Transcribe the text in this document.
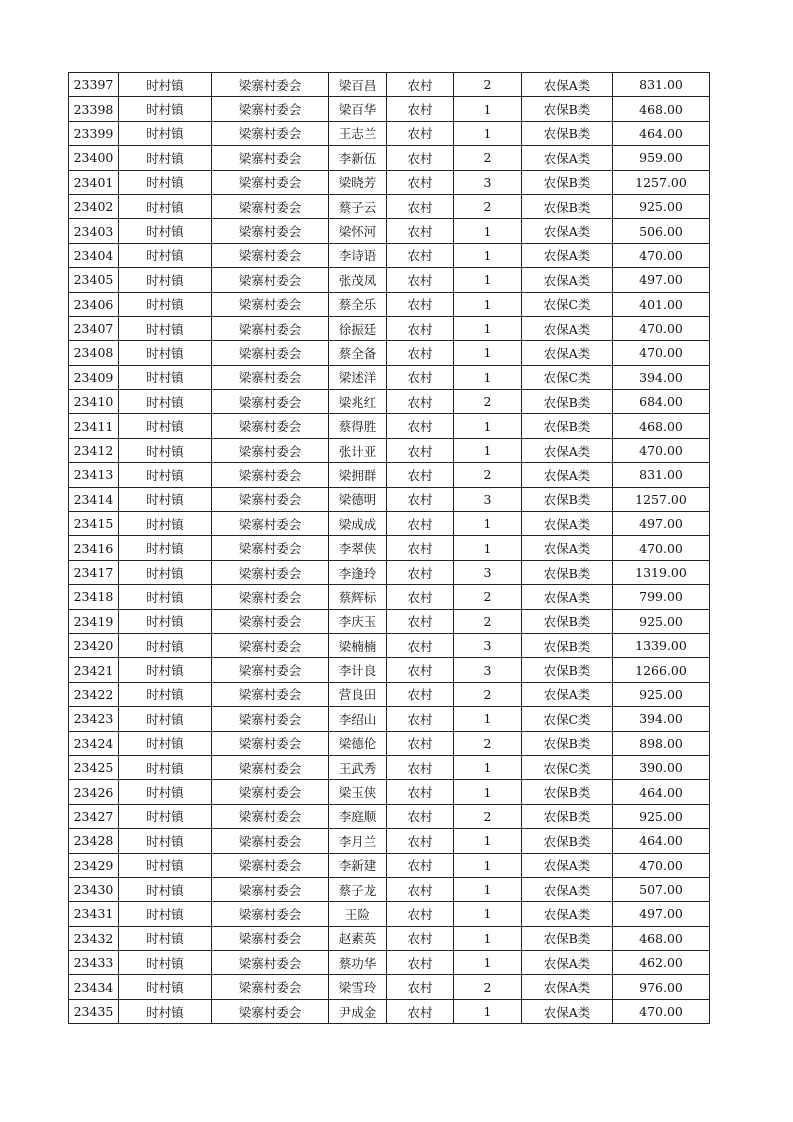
23397	时村镇	梁寨村委会	梁百昌	农村	2	农保A类	831.00
23398	时村镇	梁寨村委会	梁百华	农村	1	农保B类	468.00
23399	时村镇	梁寨村委会	王志兰	农村	1	农保B类	464.00
23400	时村镇	梁寨村委会	李新伍	农村	2	农保A类	959.00
23401	时村镇	梁寨村委会	梁晓芳	农村	3	农保B类	1257.00
23402	时村镇	梁寨村委会	蔡子云	农村	2	农保B类	925.00
23403	时村镇	梁寨村委会	梁怀河	农村	1	农保A类	506.00
23404	时村镇	梁寨村委会	李诗语	农村	1	农保A类	470.00
23405	时村镇	梁寨村委会	张茂凤	农村	1	农保A类	497.00
23406	时村镇	梁寨村委会	蔡全乐	农村	1	农保C类	401.00
23407	时村镇	梁寨村委会	徐振廷	农村	1	农保A类	470.00
23408	时村镇	梁寨村委会	蔡全备	农村	1	农保A类	470.00
23409	时村镇	梁寨村委会	梁述洋	农村	1	农保C类	394.00
23410	时村镇	梁寨村委会	梁兆红	农村	2	农保B类	684.00
23411	时村镇	梁寨村委会	蔡得胜	农村	1	农保B类	468.00
23412	时村镇	梁寨村委会	张计亚	农村	1	农保A类	470.00
23413	时村镇	梁寨村委会	梁拥群	农村	2	农保A类	831.00
23414	时村镇	梁寨村委会	梁德明	农村	3	农保B类	1257.00
23415	时村镇	梁寨村委会	梁成成	农村	1	农保A类	497.00
23416	时村镇	梁寨村委会	李翠侠	农村	1	农保A类	470.00
23417	时村镇	梁寨村委会	李逢玲	农村	3	农保B类	1319.00
23418	时村镇	梁寨村委会	蔡辉标	农村	2	农保A类	799.00
23419	时村镇	梁寨村委会	李庆玉	农村	2	农保B类	925.00
23420	时村镇	梁寨村委会	梁楠楠	农村	3	农保B类	1339.00
23421	时村镇	梁寨村委会	李计良	农村	3	农保B类	1266.00
23422	时村镇	梁寨村委会	营良田	农村	2	农保A类	925.00
23423	时村镇	梁寨村委会	李绍山	农村	1	农保C类	394.00
23424	时村镇	梁寨村委会	梁德伦	农村	2	农保B类	898.00
23425	时村镇	梁寨村委会	王武秀	农村	1	农保C类	390.00
23426	时村镇	梁寨村委会	梁玉侠	农村	1	农保B类	464.00
23427	时村镇	梁寨村委会	李庭顺	农村	2	农保B类	925.00
23428	时村镇	梁寨村委会	李月兰	农村	1	农保B类	464.00
23429	时村镇	梁寨村委会	李新建	农村	1	农保A类	470.00
23430	时村镇	梁寨村委会	蔡子龙	农村	1	农保A类	507.00
23431	时村镇	梁寨村委会	王险	农村	1	农保A类	497.00
23432	时村镇	梁寨村委会	赵素英	农村	1	农保B类	468.00
23433	时村镇	梁寨村委会	蔡功华	农村	1	农保A类	462.00
23434	时村镇	梁寨村委会	梁雪玲	农村	2	农保A类	976.00
23435	时村镇	梁寨村委会	尹成金	农村	1	农保A类	470.00
